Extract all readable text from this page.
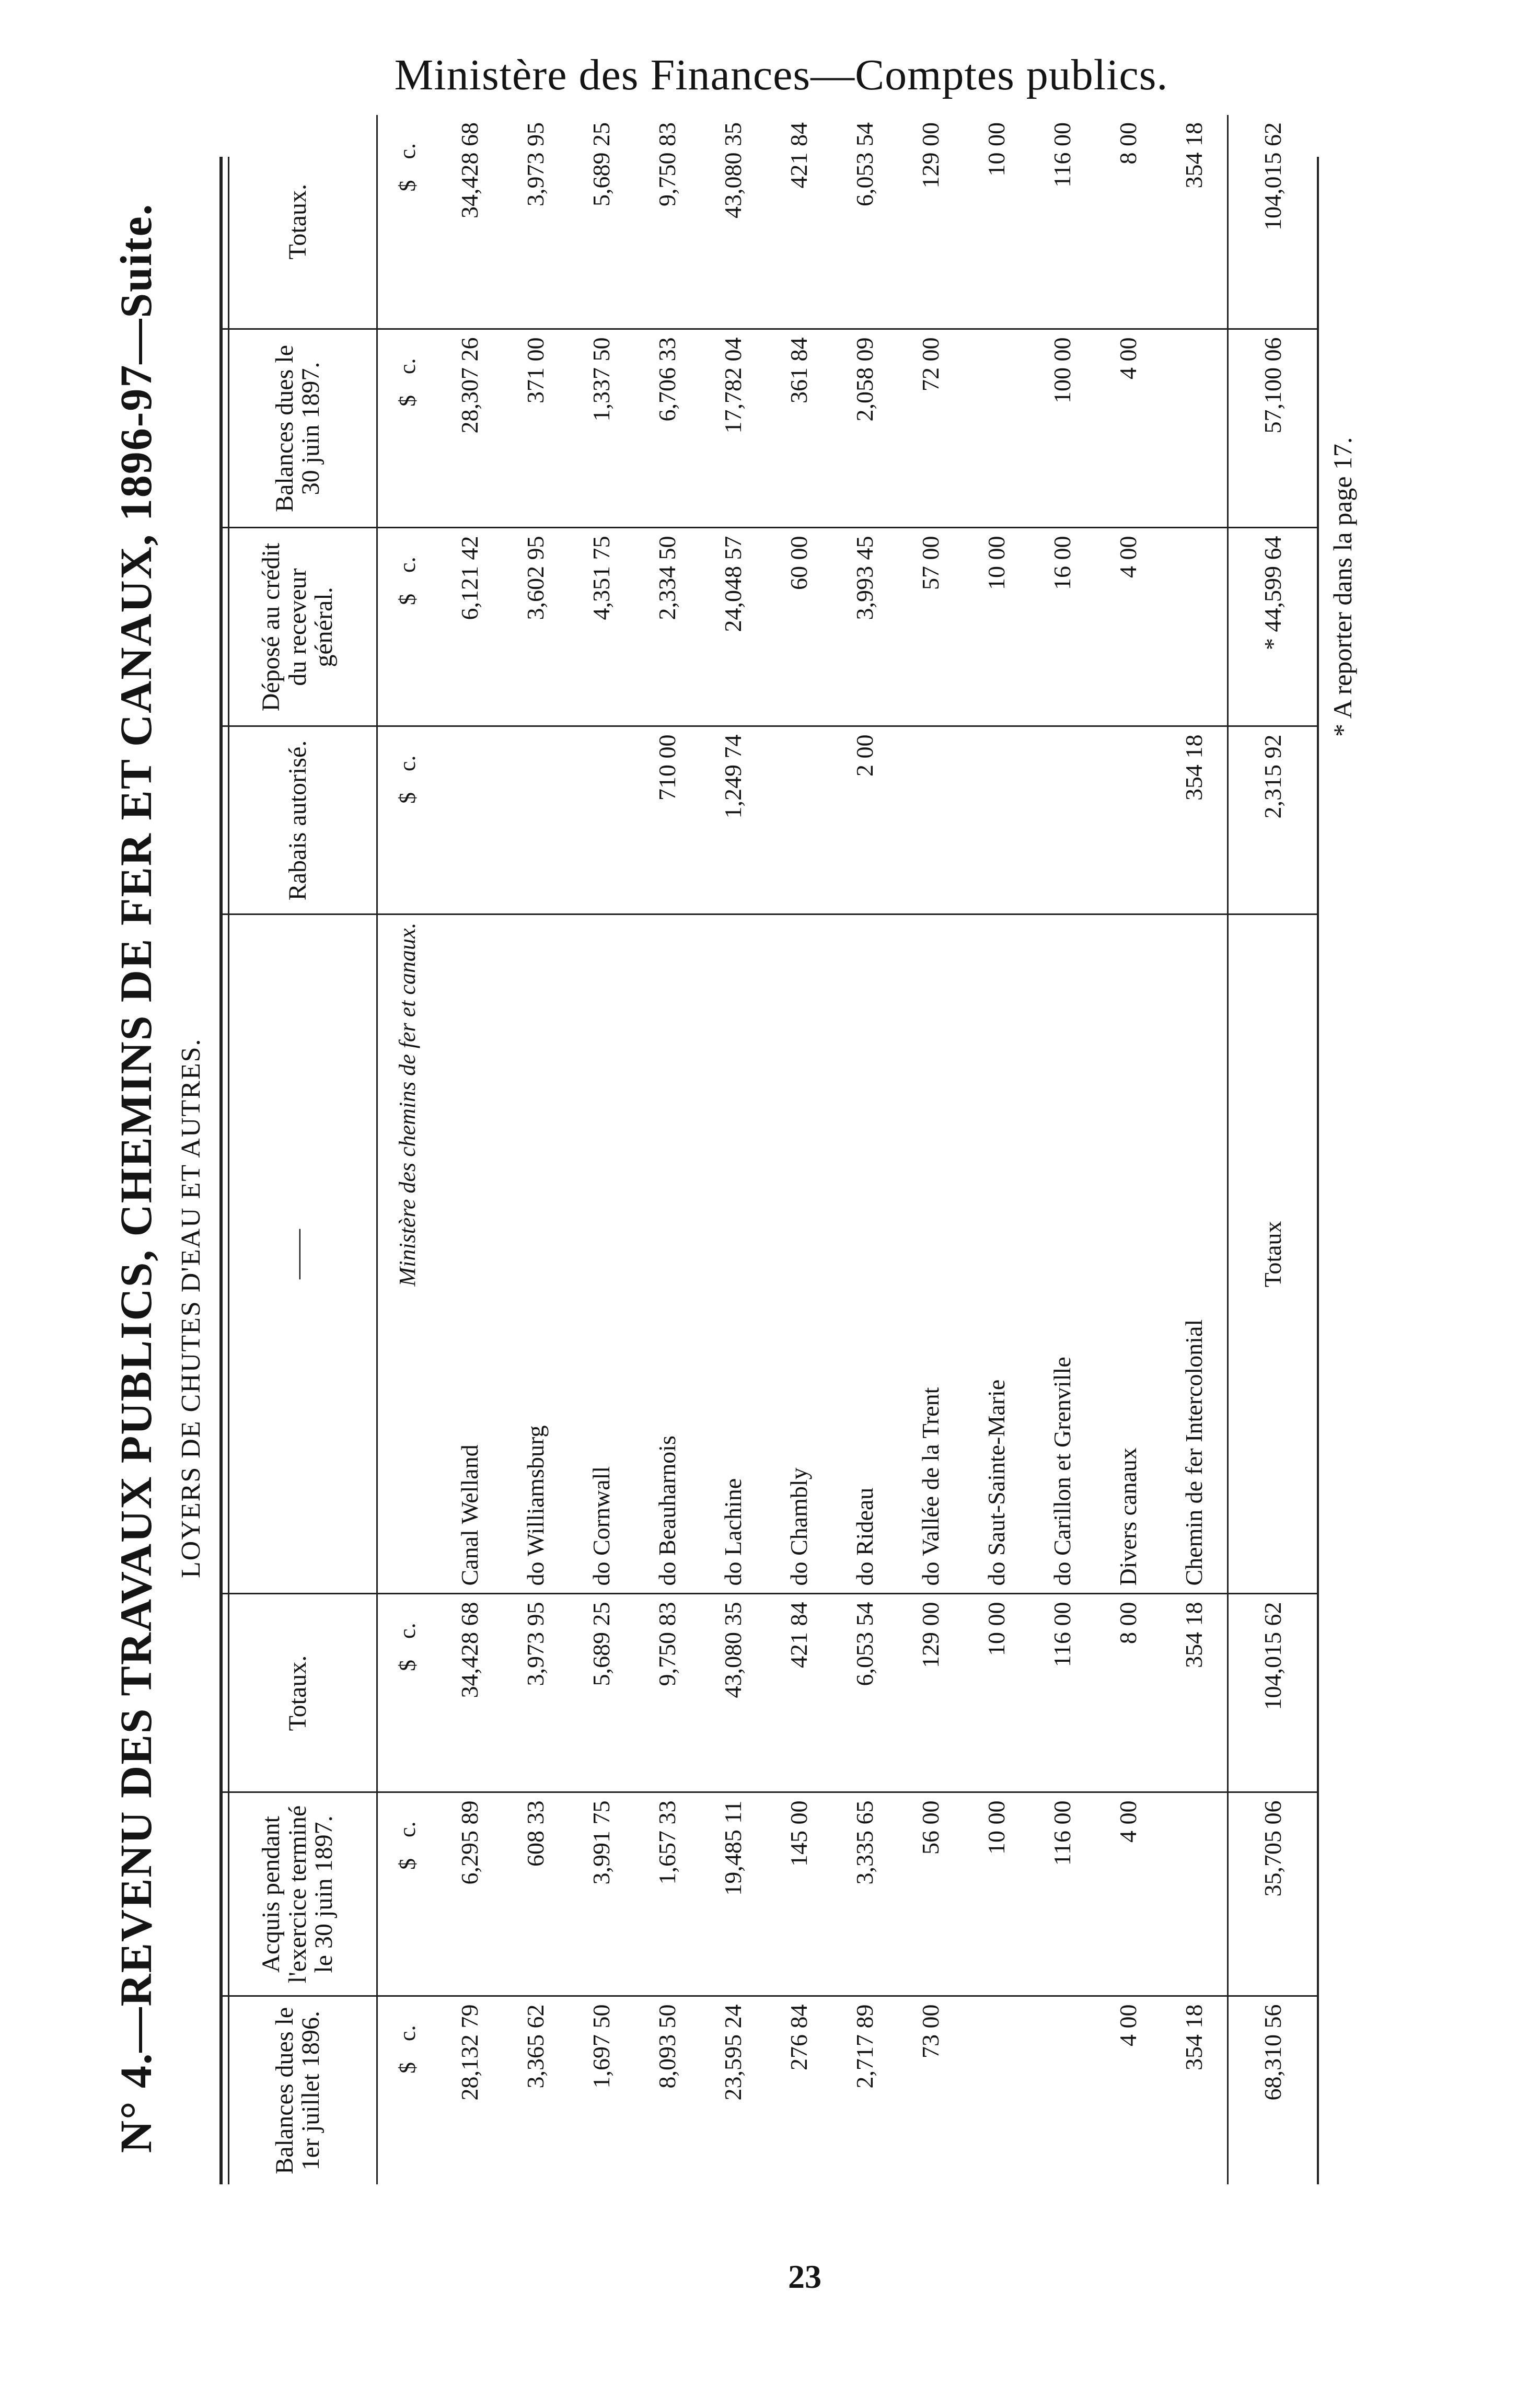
Ministère des Finances—Comptes publics.
N° 4.—REVENU DES TRAVAUX PUBLICS, CHEMINS DE FER ET CANAUX, 1896-97—Suite. LOYERS DE CHUTES D'EAU ET AUTRES.
Balances dues le 1er juillet 1896.	Acquis pendant l'exercice terminé le 30 juin 1897.	Totaux.	——	Rabais autorisé.	Déposé au crédit du receveur général.	Balances dues le 30 juin 1897.	Totaux.
$c.	$c.	$c.	Ministère des chemins de fer et canaux.	$c.	$c.	$c.	$c.
28,132 79	6,295 89	34,428 68	Canal Welland		6,121 42	28,307 26	34,428 68
3,365 62	608 33	3,973 95	do Williamsburg		3,602 95	371 00	3,973 95
1,697 50	3,991 75	5,689 25	do Cornwall		4,351 75	1,337 50	5,689 25
8,093 50	1,657 33	9,750 83	do Beauharnois	710 00	2,334 50	6,706 33	9,750 83
23,595 24	19,485 11	43,080 35	do Lachine	1,249 74	24,048 57	17,782 04	43,080 35
276 84	145 00	421 84	do Chambly		60 00	361 84	421 84
2,717 89	3,335 65	6,053 54	do Rideau	2 00	3,993 45	2,058 09	6,053 54
73 00	56 00	129 00	do Vallée de la Trent		57 00	72 00	129 00
	10 00	10 00	do Saut-Sainte-Marie		10 00		10 00
	116 00	116 00	do Carillon et Grenville		16 00	100 00	116 00
4 00	4 00	8 00	Divers canaux		4 00	4 00	8 00
354 18		354 18	Chemin de fer Intercolonial	354 18			354 18
68,310 56	35,705 06	104,015 62	Totaux	2,315 92	* 44,599 64	57,100 06	104,015 62
* A reporter dans la page 17.
23
